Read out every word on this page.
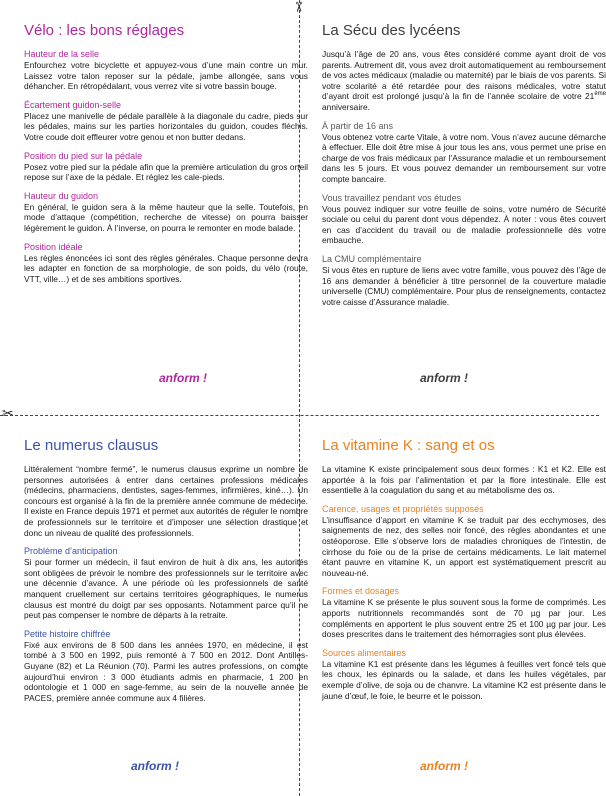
✂
✂
Vélo : les bons réglages
Hauteur de la selle

Enfourchez votre bicyclette et appuyez-vous d’une main contre un mur. Laissez votre talon reposer sur la pédale, jambe allongée, sans vous déhancher. En rétropédalant, vous verrez vite si votre bassin bouge.

Écartement guidon-selle

Placez une manivelle de pédale parallèle à la diagonale du cadre, pieds sur les pédales, mains sur les parties horizontales du guidon, coudes fléchis. Votre coude doit effleurer votre genou et non butter dedans.

Position du pied sur la pédale

Posez votre pied sur la pédale afin que la première articulation du gros orteil repose sur l’axe de la pédale. Et réglez les cale-pieds.

Hauteur du guidon

En général, le guidon sera à la même hauteur que la selle. Toutefois, en mode d’attaque (compétition, recherche de vitesse) on pourra baisser légèrement le guidon. À l’inverse, on pourra le remonter en mode balade.

Position idéale

Les règles énoncées ici sont des règles générales. Chaque personne devra les adapter en fonction de sa morphologie, de son poids, du vélo (route, VTT, ville…) et de ses ambitions sportives.

anform !
La Sécu des lycéens

Jusqu’à l’âge de 20 ans, vous êtes considéré comme ayant droit de vos parents. Autrement dit, vous avez droit automatiquement au remboursement de vos actes médicaux (maladie ou maternité) par le biais de vos parents. Si votre scolarité a été retardée pour des raisons médicales, votre statut d’ayant droit est prolongé jusqu’à la fin de l’année scolaire de votre 21ème anniversaire.

À partir de 16 ans

Vous obtenez votre carte Vitale, à votre nom. Vous n’avez aucune démarche à effectuer. Elle doit être mise à jour tous les ans, vous permet une prise en charge de vos frais médicaux par l’Assurance maladie et un remboursement dans les 5 jours. Et vous pouvez demander un remboursement sur votre compte bancaire.

Vous travaillez pendant vos études

Vous pouvez indiquer sur votre feuille de soins, votre numéro de Sécurité sociale ou celui du parent dont vous dépendez. À noter : vous êtes couvert en cas d’accident du travail ou de maladie professionnelle dès votre embauche.

La CMU complémentaire

Si vous êtes en rupture de liens avec votre famille, vous pouvez dès l’âge de 16 ans demander à bénéficier à titre personnel de la couverture maladie universelle (CMU) complémentaire. Pour plus de renseignements, contactez votre caisse d’Assurance maladie.

anform !
Le numerus clausus

Littéralement “nombre fermé”, le numerus clausus exprime un nombre de personnes autorisées à entrer dans certaines professions médicales (médecins, pharmaciens, dentistes, sages-femmes, infirmières, kiné…). Un concours est organisé à la fin de la première année commune de médecine. Il existe en France depuis 1971 et permet aux autorités de réguler le nombre de professionnels sur le territoire et d’imposer une sélection drastique et donc un niveau de qualité des professionnels.

Problème d’anticipation

Si pour former un médecin, il faut environ de huit à dix ans, les autorités sont obligées de prévoir le nombre des professionnels sur le territoire avec une décennie d’avance. À une période où les professionnels de santé manquent cruellement sur certains territoires géographiques, le numerus clausus est montré du doigt par ses opposants. Notamment parce qu’il ne peut pas compenser le nombre de départs à la retraite.

Petite histoire chiffrée

Fixé aux environs de 8 500 dans les années 1970, en médecine, il est tombé à 3 500 en 1992, puis remonté à 7 500 en 2012. Dont Antilles-Guyane (82) et La Réunion (70). Parmi les autres professions, on compte aujourd’hui environ : 3 000 étudiants admis en pharmacie, 1 200 en odontologie et 1 000 en sage-femme, au sein de la nouvelle année de PACES, première année commune aux 4 filières.

anform !
La vitamine K : sang et os

La vitamine K existe principalement sous deux formes : K1 et K2. Elle est apportée à la fois par l’alimentation et par la flore intestinale. Elle est essentielle à la coagulation du sang et au métabolisme des os.

Carence, usages et propriétés supposés

L’insuffisance d’apport en vitamine K se traduit par des ecchymoses, des saignements de nez, des selles noir foncé, des règles abondantes et une ostéoporose. Elle s’observe lors de maladies chroniques de l’intestin, de cirrhose du foie ou de la prise de certains médicaments. Le lait maternel étant pauvre en vitamine K, un apport est systématiquement prescrit au nouveau-né.

Formes et dosages

La vitamine K se présente le plus souvent sous la forme de comprimés. Les apports nutritionnels recommandés sont de 70 µg par jour. Les compléments en apportent le plus souvent entre 25 et 100 µg par jour. Les doses prescrites dans le traitement des hémorragies sont plus élevées.

Sources alimentaires

La vitamine K1 est présente dans les légumes à feuilles vert foncé tels que les choux, les épinards ou la salade, et dans les huiles végétales, par exemple d’olive, de soja ou de chanvre. La vitamine K2 est présente dans le jaune d’œuf, le foie, le beurre et le poisson.

anform !
